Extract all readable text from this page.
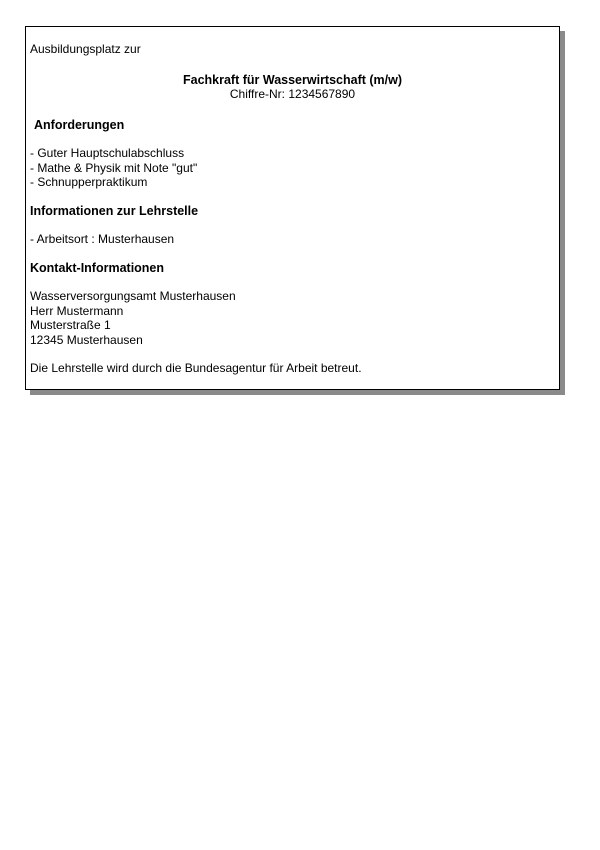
Ausbildungsplatz zur

Fachkraft für Wasserwirtschaft (m/w)
Chiffre-Nr: 1234567890
Anforderungen
- Guter Hauptschulabschluss
- Mathe & Physik mit Note "gut"
- Schnupperpraktikum
Informationen zur Lehrstelle
- Arbeitsort : Musterhausen
Kontakt-Informationen
Wasserversorgungsamt Musterhausen
Herr Mustermann
Musterstraße 1
12345 Musterhausen

Die Lehrstelle wird durch die Bundesagentur für Arbeit betreut.
